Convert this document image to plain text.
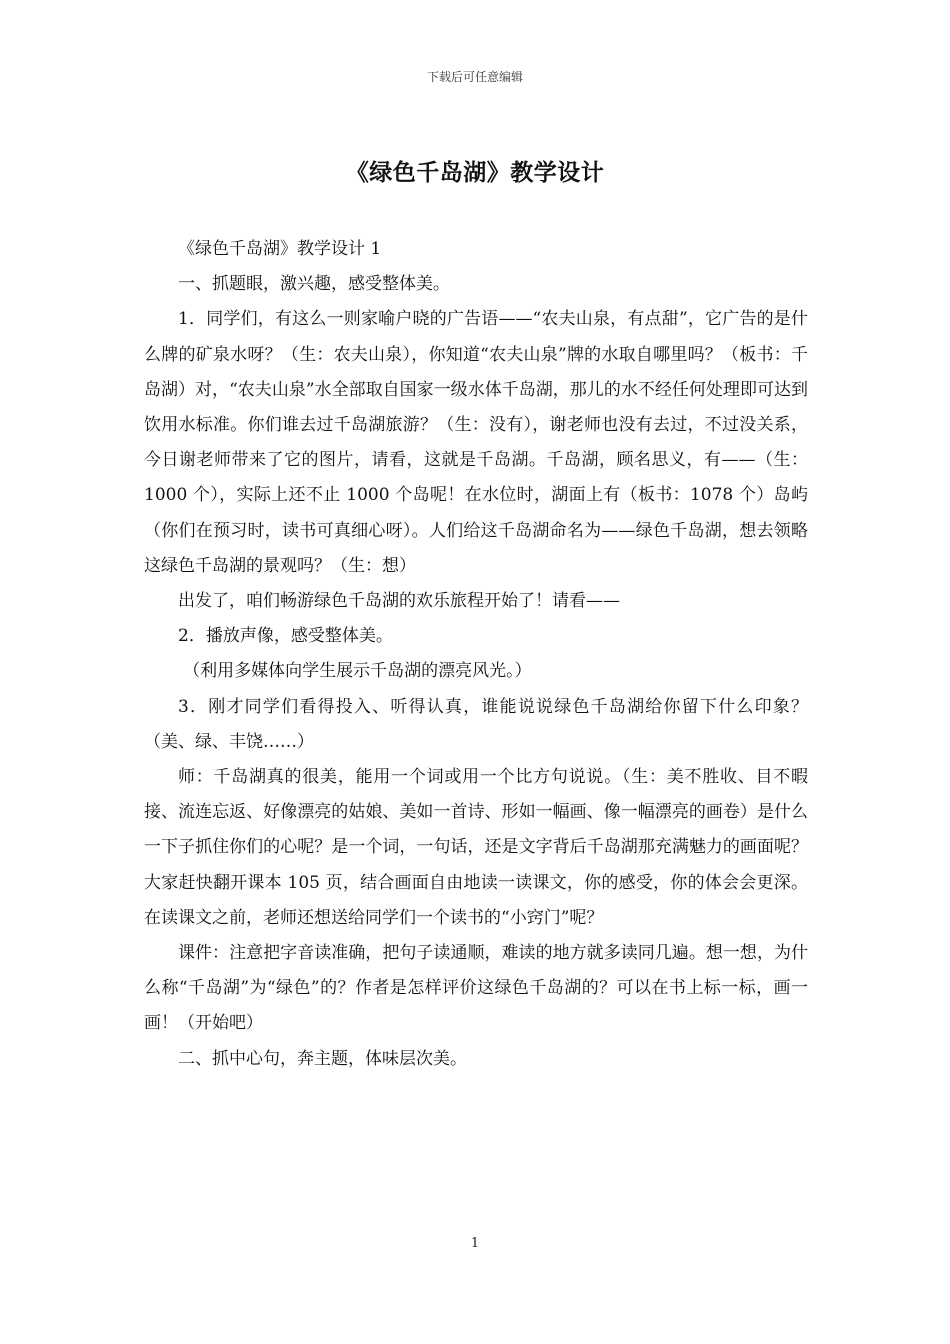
下载后可任意编辑
《绿色千岛湖》教学设计

《绿色千岛湖》教学设计 1

一、抓题眼，激兴趣，感受整体美。

1．同学们，有这么一则家喻户晓的广告语——“农夫山泉，有点甜”，它广告的是什么牌的矿泉水呀？（生：农夫山泉），你知道“农夫山泉”牌的水取自哪里吗？（板书：千岛湖）对，“农夫山泉”水全部取自国家一级水体千岛湖，那儿的水不经任何处理即可达到饮用水标准。你们谁去过千岛湖旅游？（生：没有），谢老师也没有去过，不过没关系，今日谢老师带来了它的图片，请看，这就是千岛湖。千岛湖，顾名思义，有——（生：1000 个），实际上还不止 1000 个岛呢！在水位时，湖面上有（板书：1078 个）岛屿（你们在预习时，读书可真细心呀）。人们给这千岛湖命名为——绿色千岛湖，想去领略这绿色千岛湖的景观吗？（生：想）

出发了，咱们畅游绿色千岛湖的欢乐旅程开始了！请看——

2．播放声像，感受整体美。

（利用多媒体向学生展示千岛湖的漂亮风光。）

3．刚才同学们看得投入、听得认真，谁能说说绿色千岛湖给你留下什么印象？（美、绿、丰饶……）

师：千岛湖真的很美，能用一个词或用一个比方句说说。（生：美不胜收、目不暇接、流连忘返、好像漂亮的姑娘、美如一首诗、形如一幅画、像一幅漂亮的画卷）是什么一下子抓住你们的心呢？是一个词，一句话，还是文字背后千岛湖那充满魅力的画面呢？大家赶快翻开课本 105 页，结合画面自由地读一读课文，你的感受，你的体会会更深。在读课文之前，老师还想送给同学们一个读书的“小窍门”呢？

课件：注意把字音读准确，把句子读通顺，难读的地方就多读同几遍。想一想，为什么称“千岛湖”为“绿色”的？作者是怎样评价这绿色千岛湖的？可以在书上标一标，画一画！（开始吧）

二、抓中心句，奔主题，体味层次美。

1
